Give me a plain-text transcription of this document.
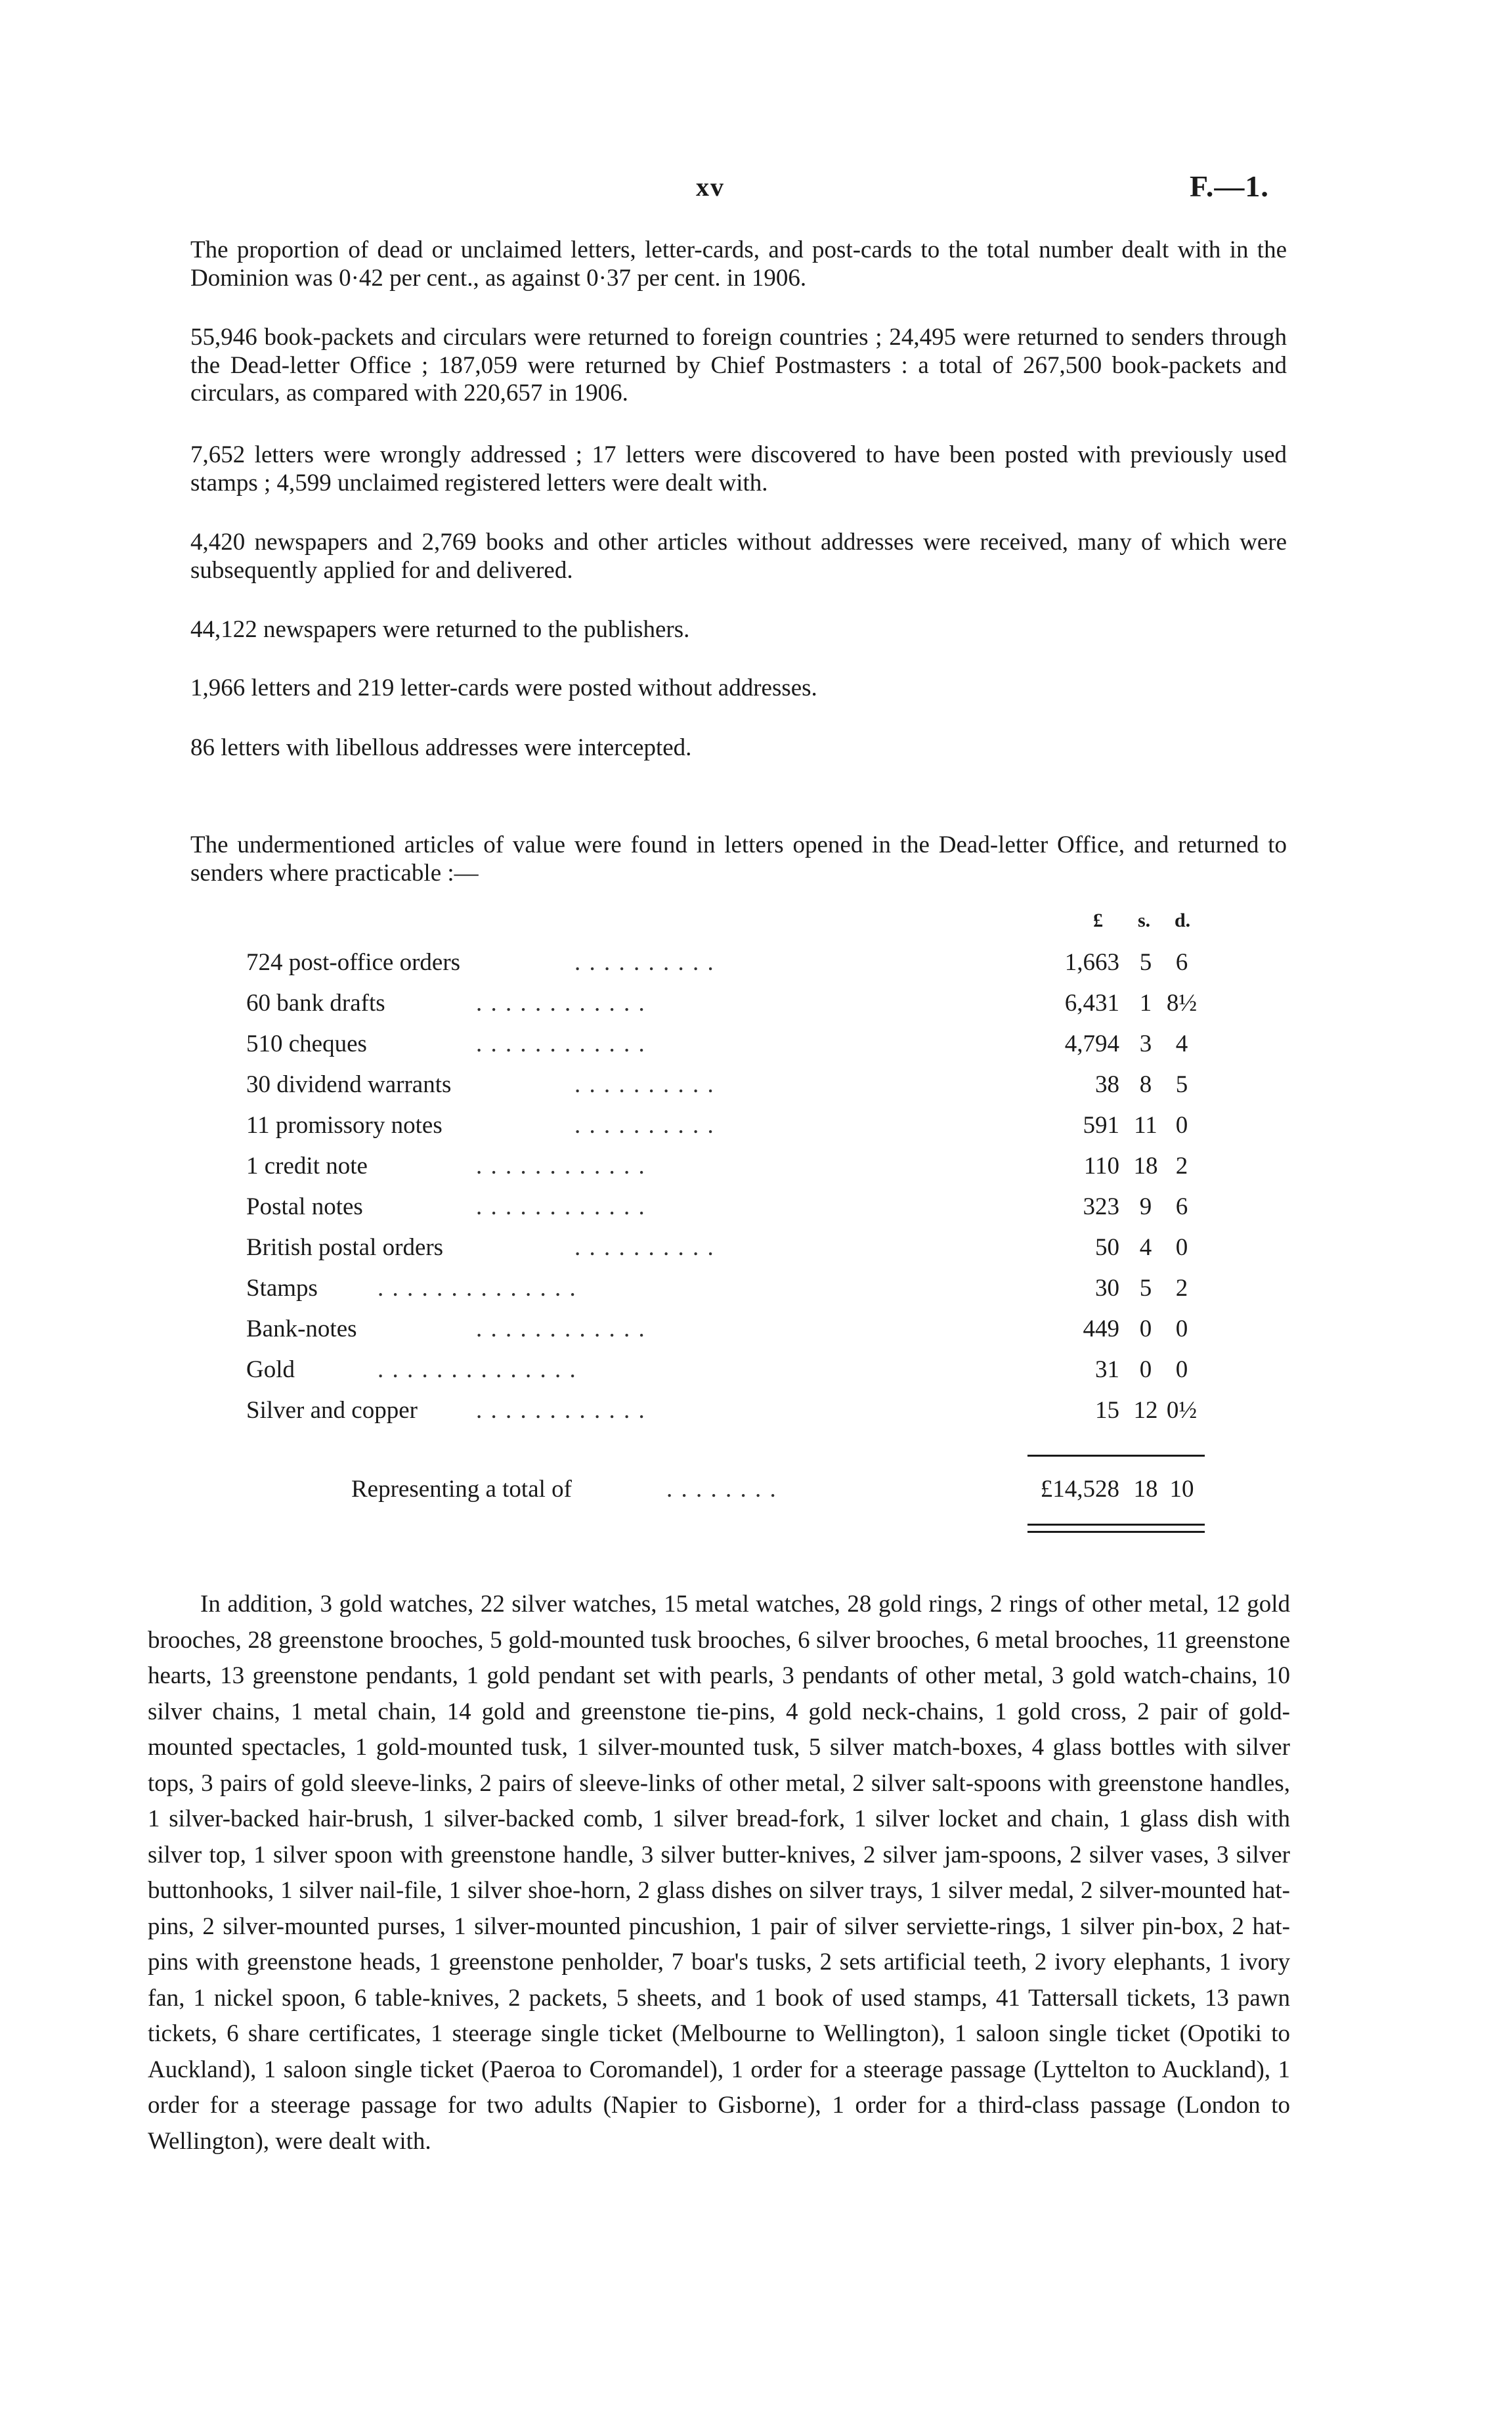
xv	F.—1.

The proportion of dead or unclaimed letters, letter-cards, and post-cards to the total number dealt with in the Dominion was 0·42 per cent., as against 0·37 per cent. in 1906.

55,946 book-packets and circulars were returned to foreign countries ; 24,495 were returned to senders through the Dead-letter Office ; 187,059 were returned by Chief Postmasters : a total of 267,500 book-packets and circulars, as compared with 220,657 in 1906.

7,652 letters were wrongly addressed ; 17 letters were discovered to have been posted with previously used stamps ; 4,599 unclaimed registered letters were dealt with.

4,420 newspapers and 2,769 books and other articles without addresses were received, many of which were subsequently applied for and delivered.

44,122 newspapers were returned to the publishers.

1,966 letters and 219 letter-cards were posted without addresses.

86 letters with libellous addresses were intercepted.

The undermentioned articles of value were found in letters opened in the Dead-letter Office, and returned to senders where practicable :—

£ s. d.
724 post-office orders	. . . . . . . . . .	1,663 5 6
60 bank drafts	. . . . . . . . . . . .	6,431 1 8½
510 cheques	. . . . . . . . . . . .	4,794 3 4
30 dividend warrants	. . . . . . . . . .	38 8 5
11 promissory notes	. . . . . . . . . .	591 11 0
1 credit note	. . . . . . . . . . . .	110 18 2
Postal notes	. . . . . . . . . . . .	323 9 6
British postal orders	. . . . . . . . . .	50 4 0
Stamps . . . . . . . . . . . . . .	30 5 2
Bank-notes	. . . . . . . . . . . .	449 0 0
Gold	. . . . . . . . . . . . . .	31 0 0
Silver and copper . . . . . . . . . . . .	15 12 0½
Representing a total of	. . . . . . . .	£14,528 18 10

In addition, 3 gold watches, 22 silver watches, 15 metal watches, 28 gold rings, 2 rings of other metal, 12 gold brooches, 28 greenstone brooches, 5 gold-mounted tusk brooches, 6 silver brooches, 6 metal brooches, 11 greenstone hearts, 13 greenstone pendants, 1 gold pendant set with pearls, 3 pendants of other metal, 3 gold watch-chains, 10 silver chains, 1 metal chain, 14 gold and greenstone tie-pins, 4 gold neck-chains, 1 gold cross, 2 pair of gold-mounted spectacles, 1 gold-mounted tusk, 1 silver-mounted tusk, 5 silver match-boxes, 4 glass bottles with silver tops, 3 pairs of gold sleeve-links, 2 pairs of sleeve-links of other metal, 2 silver salt-spoons with greenstone handles, 1 silver-backed hair-brush, 1 silver-backed comb, 1 silver bread-fork, 1 silver locket and chain, 1 glass dish with silver top, 1 silver spoon with greenstone handle, 3 silver butter-knives, 2 silver jam-spoons, 2 silver vases, 3 silver buttonhooks, 1 silver nail-file, 1 silver shoe-horn, 2 glass dishes on silver trays, 1 silver medal, 2 silver-mounted hat-pins, 2 silver-mounted purses, 1 silver-mounted pincushion, 1 pair of silver serviette-rings, 1 silver pin-box, 2 hat-pins with greenstone heads, 1 greenstone penholder, 7 boar's tusks, 2 sets artificial teeth, 2 ivory elephants, 1 ivory fan, 1 nickel spoon, 6 table-knives, 2 packets, 5 sheets, and 1 book of used stamps, 41 Tattersall tickets, 13 pawn tickets, 6 share certificates, 1 steerage single ticket (Melbourne to Wellington), 1 saloon single ticket (Opotiki to Auckland), 1 saloon single ticket (Paeroa to Coromandel), 1 order for a steerage passage (Lyttelton to Auckland), 1 order for a steerage passage for two adults (Napier to Gisborne), 1 order for a third-class passage (London to Wellington), were dealt with.
